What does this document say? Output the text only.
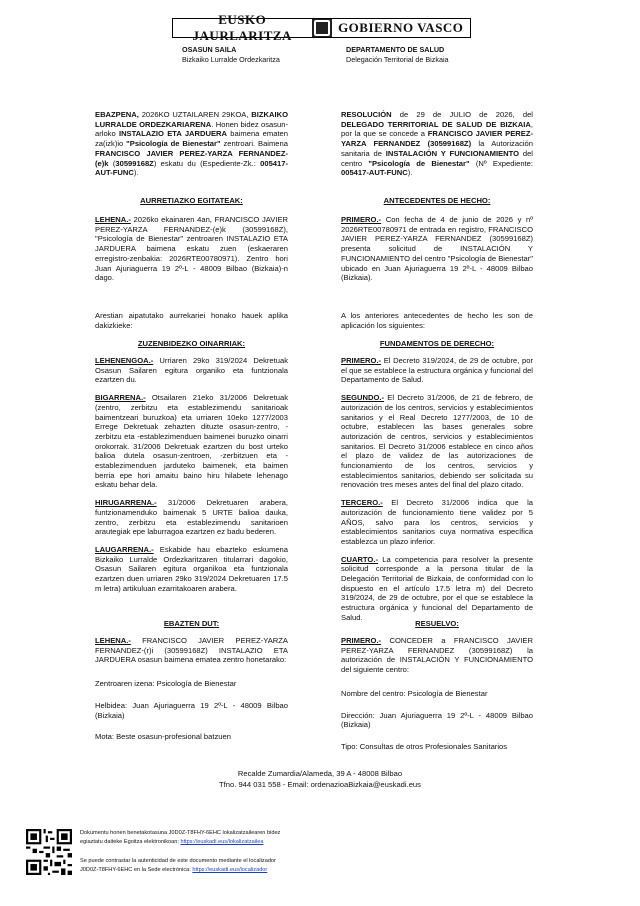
EUSKO JAURLARITZA
GOBIERNO VASCO
OSASUN SAILA
Bizkaiko Lurralde Ordezkaritza
DEPARTAMENTO DE SALUD
Delegación Territorial de Bizkaia

EBAZPENA, 2026KO UZTAILAREN 29KOA, BIZKAIKO LURRALDE ORDEZKARIARENA. Honen bidez osasun-arloko INSTALAZIO ETA JARDUERA baimena ematen za(izk)io "Psicología de Bienestar" zentroari. Baimena FRANCISCO JAVIER PEREZ-YARZA FERNANDEZ-(e)k (30599168Z) eskatu du (Espediente-Zk.: 005417-AUT-FUNC).

AURRETIAZKO EGITATEAK:

LEHENA.- 2026ko ekainaren 4an, FRANCISCO JAVIER PEREZ-YARZA FERNANDEZ-(e)k (30599168Z), "Psicología de Bienestar" zentroaren INSTALAZIO ETA JARDUERA baimena eskatu zuen (eskaeraren erregistro-zenbakia: 2026RTE00780971). Zentro hori Juan Ajuriaguerra 19 2º-L - 48009 Bilbao (Bizkaia)-n dago.

Arestian aipatutako aurrekariei honako hauek aplika dakizkieke:
ZUZENBIDEZKO OINARRIAK:

LEHENENGOA.- Urriaren 29ko 319/2024 Dekretuak Osasun Sailaren egitura organiko eta funtzionala ezartzen du.

BIGARRENA.- Otsailaren 21eko 31/2006 Dekretuak (zentro, zerbitzu eta establezimendu sanitarioak baimentzeari buruzkoa) eta urriaren 10eko 1277/2003 Errege Dekretuak zehazten dituzte osasun-zentro, -zerbitzu eta -establezimenduen baimenei buruzko oinarri orokorrak. 31/2006 Dekretuak ezartzen du bost urteko balioa dutela osasun-zentroen, -zerbitzuen eta -establezimenduen jarduteko baimenek, eta baimen berria epe hori amaitu baino hiru hilabete lehenago eskatu behar dela.

HIRUGARRENA.- 31/2006 Dekretuaren arabera, funtzionamenduko baimenak 5 URTE balioa dauka, zentro, zerbitzu eta establezimendu sanitarioen arautegiak epe laburragoa ezartzen ez badu bederen.

LAUGARRENA.- Eskabide hau ebazteko eskumena Bizkaiko Lurralde Ordezkaritzaren titularrari dagokio, Osasun Sailaren egitura organikoa eta funtzionala ezartzen duen urriaren 29ko 319/2024 Dekretuaren 17.5 m letra) artikuluan ezarritakoaren arabera.

EBAZTEN DUT:

LEHENA.- FRANCISCO JAVIER PEREZ-YARZA FERNANDEZ-(r)i (30599168Z) INSTALAZIO ETA JARDUERA osasun baimena ematea zentro honetarako:

Zentroaren izena: Psicología de Bienestar

Helbidea: Juan Ajuriaguerra 19 2º-L - 48009 Bilbao (Bizkaia)

Mota: Beste osasun-profesional batzuen

RESOLUCIÓN de 29 de JULIO de 2026, del DELEGADO TERRITORIAL DE SALUD DE BIZKAIA, por la que se concede a FRANCISCO JAVIER PEREZ-YARZA FERNANDEZ (30599168Z) la Autorización sanitaria de INSTALACIÓN Y FUNCIONAMIENTO del centro "Psicología de Bienestar" (Nº Expediente: 005417-AUT-FUNC).

ANTECEDENTES DE HECHO:

PRIMERO.- Con fecha de 4 de junio de 2026 y nº 2026RTE00780971 de entrada en registro, FRANCISCO JAVIER PEREZ-YARZA FERNANDEZ (30599168Z) presenta solicitud de INSTALACIÓN Y FUNCIONAMIENTO del centro "Psicología de Bienestar" ubicado en Juan Ajuriaguerra 19 2º-L - 48009 Bilbao (Bizkaia).

A los anteriores antecedentes de hecho les son de aplicación los siguientes:
FUNDAMENTOS DE DERECHO:

PRIMERO.- El Decreto 319/2024, de 29 de octubre, por el que se establece la estructura orgánica y funcional del Departamento de Salud.

SEGUNDO.- El Decreto 31/2006, de 21 de febrero, de autorización de los centros, servicios y establecimientos sanitarios y el Real Decreto 1277/2003, de 10 de octubre, establecen las bases generales sobre autorización de centros, servicios y establecimientos sanitarios. El Decreto 31/2006 establece en cinco años el plazo de validez de las autorizaciones de funcionamiento de los centros, servicios y establecimientos sanitarios, debiendo ser solicitada su renovación tres meses antes del final del plazo citado.

TERCERO.- El Decreto 31/2006 indica que la autorización de funcionamiento tiene validez por 5 AÑOS, salvo para los centros, servicios y establecimientos sanitarios cuya normativa específica establezca un plazo inferior.

CUARTO.- La competencia para resolver la presente solicitud corresponde a la persona titular de la Delegación Territorial de Bizkaia, de conformidad con lo dispuesto en el artículo 17.5 letra m) del Decreto 319/2024, de 29 de octubre, por el que se establece la estructura orgánica y funcional del Departamento de Salud.

RESUELVO:

PRIMERO.- CONCEDER a FRANCISCO JAVIER PEREZ-YARZA FERNANDEZ (30599168Z) la autorización de INSTALACIÓN Y FUNCIONAMIENTO del siguiente centro:

Nombre del centro: Psicología de Bienestar

Dirección: Juan Ajuriaguerra 19 2º-L - 48009 Bilbao (Bizkaia)

Tipo: Consultas de otros Profesionales Sanitarios

Recalde Zumardia/Alameda, 39 A - 48008 Bilbao
Tfno. 944 031 558 - Email: ordenazioaBizkaia@euskadi.eus
Dokumentu honen benetakotasuna J0D0Z-T8FHY-6EHC lokalizatzailearen bidez
egiaztatu daiteke Egoitza elektronikoan: https://euskadi.eus/lokalizatzailea
Se puede contrastar la autenticidad de este documento mediante el localizador
J0D0Z-T8FHY-6EHC en la Sede electrónica: https://euskadi.eus/localizador
